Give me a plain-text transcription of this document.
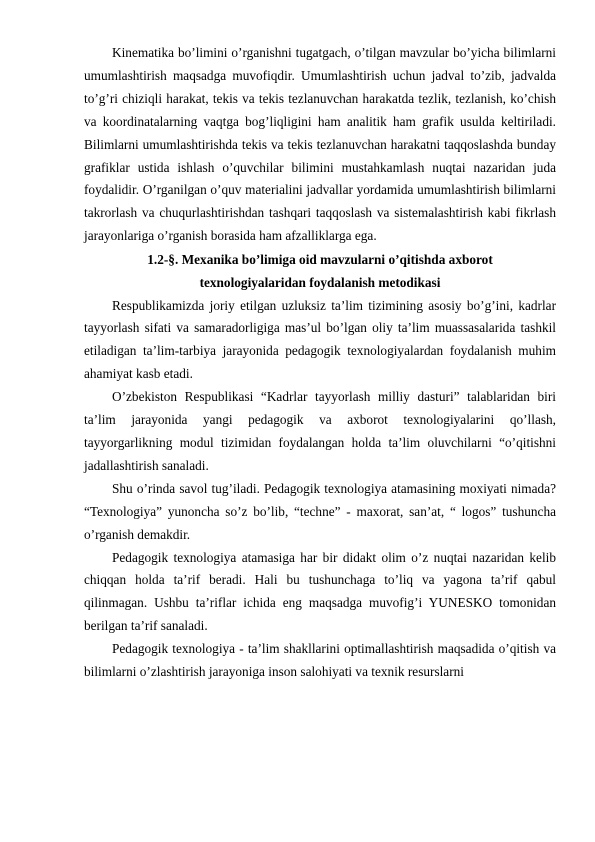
Kinematika bo’limini o’rganishni tugatgach, o’tilgan mavzular bo’yicha bilimlarni umumlashtirish maqsadga muvofiqdir. Umumlashtirish uchun jadval to’zib, jadvalda to’g’ri chiziqli harakat, tekis va tekis tezlanuvchan harakatda tezlik, tezlanish, ko’chish va koordinatalarning vaqtga bog’liqligini ham analitik ham grafik usulda keltiriladi. Bilimlarni umumlashtirishda tekis va tekis tezlanuvchan harakatni taqqoslashda bunday grafiklar ustida ishlash o’quvchilar bilimini mustahkamlash nuqtai nazaridan juda foydalidir. O’rganilgan o’quv materialini jadvallar yordamida umumlashtirish bilimlarni takrorlash va chuqurlashtirishdan tashqari taqqoslash va sistemalashtirish kabi fikrlash jarayonlariga o’rganish borasida ham afzalliklarga ega.

1.2-§. Mexanika bo’limiga oid mavzularni o’qitishda axborot
texnologiyalaridan foydalanish metodikasi

Respublikamizda joriy etilgan uzluksiz ta’lim tizimining asosiy bo’g’ini, kadrlar tayyorlash sifati va samaradorligiga mas’ul bo’lgan oliy ta’lim muassasalarida tashkil etiladigan ta’lim-tarbiya jarayonida pedagogik texnologiyalardan foydalanish muhim ahamiyat kasb etadi.

O’zbekiston Respublikasi “Kadrlar tayyorlash milliy dasturi” talablaridan biri ta’lim jarayonida yangi pedagogik va axborot texnologiyalarini qo’llash, tayyorgarlikning modul tizimidan foydalangan holda ta’lim oluvchilarni “o’qitishni jadallashtirish sanaladi.

Shu o’rinda savol tug’iladi. Pedagogik texnologiya atamasining moxiyati nimada? “Texnologiya” yunoncha so’z bo’lib, “techne” - maxorat, san’at, “ logos” tushuncha o’rganish demakdir.

Pedagogik texnologiya atamasiga har bir didakt olim o’z nuqtai nazaridan kelib chiqqan holda ta’rif beradi. Hali bu tushunchaga to’liq va yagona ta’rif qabul qilinmagan. Ushbu ta’riflar ichida eng maqsadga muvofig’i YUNESKO tomonidan berilgan ta’rif sanaladi.

Pedagogik texnologiya - ta’lim shakllarini optimallashtirish maqsadida o’qitish va bilimlarni o’zlashtirish jarayoniga inson salohiyati va texnik resurslarni
